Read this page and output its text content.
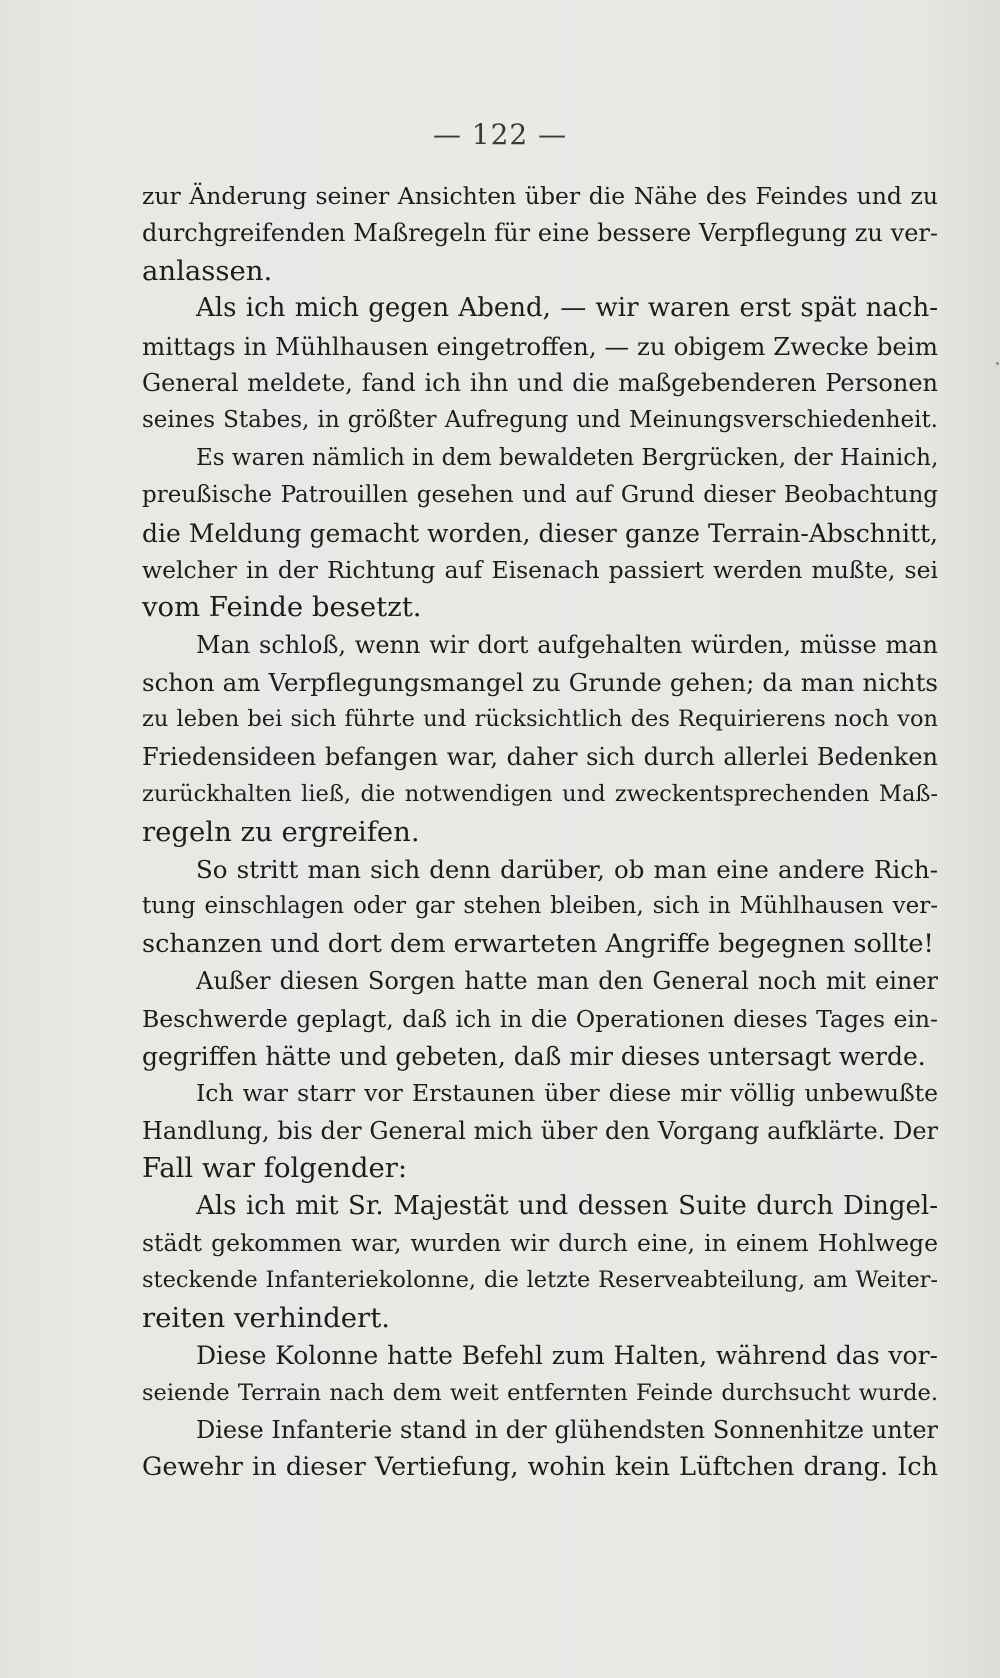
— 122 —
zur Änderung seiner Ansichten über die Nähe des Feindes und zu
durchgreifenden Maßregeln für eine bessere Verpflegung zu ver-
anlassen.
Als ich mich gegen Abend, — wir waren erst spät nach-
mittags in Mühlhausen eingetroffen, — zu obigem Zwecke beim
General meldete, fand ich ihn und die maßgebenderen Personen
seines Stabes, in größter Aufregung und Meinungsverschiedenheit.
Es waren nämlich in dem bewaldeten Bergrücken, der Hainich,
preußische Patrouillen gesehen und auf Grund dieser Beobachtung
die Meldung gemacht worden, dieser ganze Terrain-Abschnitt,
welcher in der Richtung auf Eisenach passiert werden mußte, sei
vom Feinde besetzt.
Man schloß, wenn wir dort aufgehalten würden, müsse man
schon am Verpflegungsmangel zu Grunde gehen; da man nichts
zu leben bei sich führte und rücksichtlich des Requirierens noch von
Friedensideen befangen war, daher sich durch allerlei Bedenken
zurückhalten ließ, die notwendigen und zweckentsprechenden Maß-
regeln zu ergreifen.
So stritt man sich denn darüber, ob man eine andere Rich-
tung einschlagen oder gar stehen bleiben, sich in Mühlhausen ver-
schanzen und dort dem erwarteten Angriffe begegnen sollte!
Außer diesen Sorgen hatte man den General noch mit einer
Beschwerde geplagt, daß ich in die Operationen dieses Tages ein-
gegriffen hätte und gebeten, daß mir dieses untersagt werde.
Ich war starr vor Erstaunen über diese mir völlig unbewußte
Handlung, bis der General mich über den Vorgang aufklärte. Der
Fall war folgender:
Als ich mit Sr. Majestät und dessen Suite durch Dingel-
städt gekommen war, wurden wir durch eine, in einem Hohlwege
steckende Infanteriekolonne, die letzte Reserveabteilung, am Weiter-
reiten verhindert.
Diese Kolonne hatte Befehl zum Halten, während das vor-
seiende Terrain nach dem weit entfernten Feinde durchsucht wurde.
Diese Infanterie stand in der glühendsten Sonnenhitze unter
Gewehr in dieser Vertiefung, wohin kein Lüftchen drang. Ich
